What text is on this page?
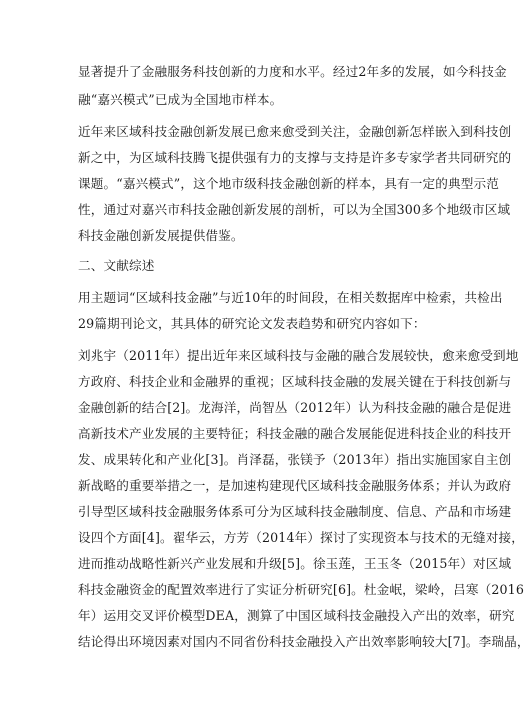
显著提升了金融服务科技创新的力度和水平。经过2年多的发展，如今科技金
融“嘉兴模式”已成为全国地市样本。
近年来区域科技金融创新发展已愈来愈受到关注，金融创新怎样嵌入到科技创
新之中，为区域科技腾飞提供强有力的支撑与支持是许多专家学者共同研究的
课题。“嘉兴模式”，这个地市级科技金融创新的样本，具有一定的典型示范
性，通过对嘉兴市科技金融创新发展的剖析，可以为全国300多个地级市区域
科技金融创新发展提供借鉴。
二、文献综述
用主题词“区域科技金融”与近10年的时间段，在相关数据库中检索，共检出
29篇期刊论文，其具体的研究论文发表趋势和研究内容如下：
刘兆宇（2011年）提出近年来区域科技与金融的融合发展较快，愈来愈受到地
方政府、科技企业和金融界的重视；区域科技金融的发展关键在于科技创新与
金融创新的结合[2]。龙海洋，尚智丛（2012年）认为科技金融的融合是促进
高新技术产业发展的主要特征；科技金融的融合发展能促进科技企业的科技开
发、成果转化和产业化[3]。肖泽磊，张镁予（2013年）指出实施国家自主创
新战略的重要举措之一，是加速构建现代区域科技金融服务体系；并认为政府
引导型区域科技金融服务体系可分为区域科技金融制度、信息、产品和市场建
设四个方面[4]。翟华云，方芳（2014年）探讨了实现资本与技术的无缝对接，
进而推动战略性新兴产业发展和升级[5]。徐玉莲，王玉冬（2015年）对区域
科技金融资金的配置效率进行了实证分析研究[6]。杜金岷，梁岭，吕寒（2016
年）运用交叉评价模型DEA，测算了中国区域科技金融投入产出的效率，研究
结论得出环境因素对国内不同省份科技金融投入产出效率影响较大[7]。李瑞晶，
